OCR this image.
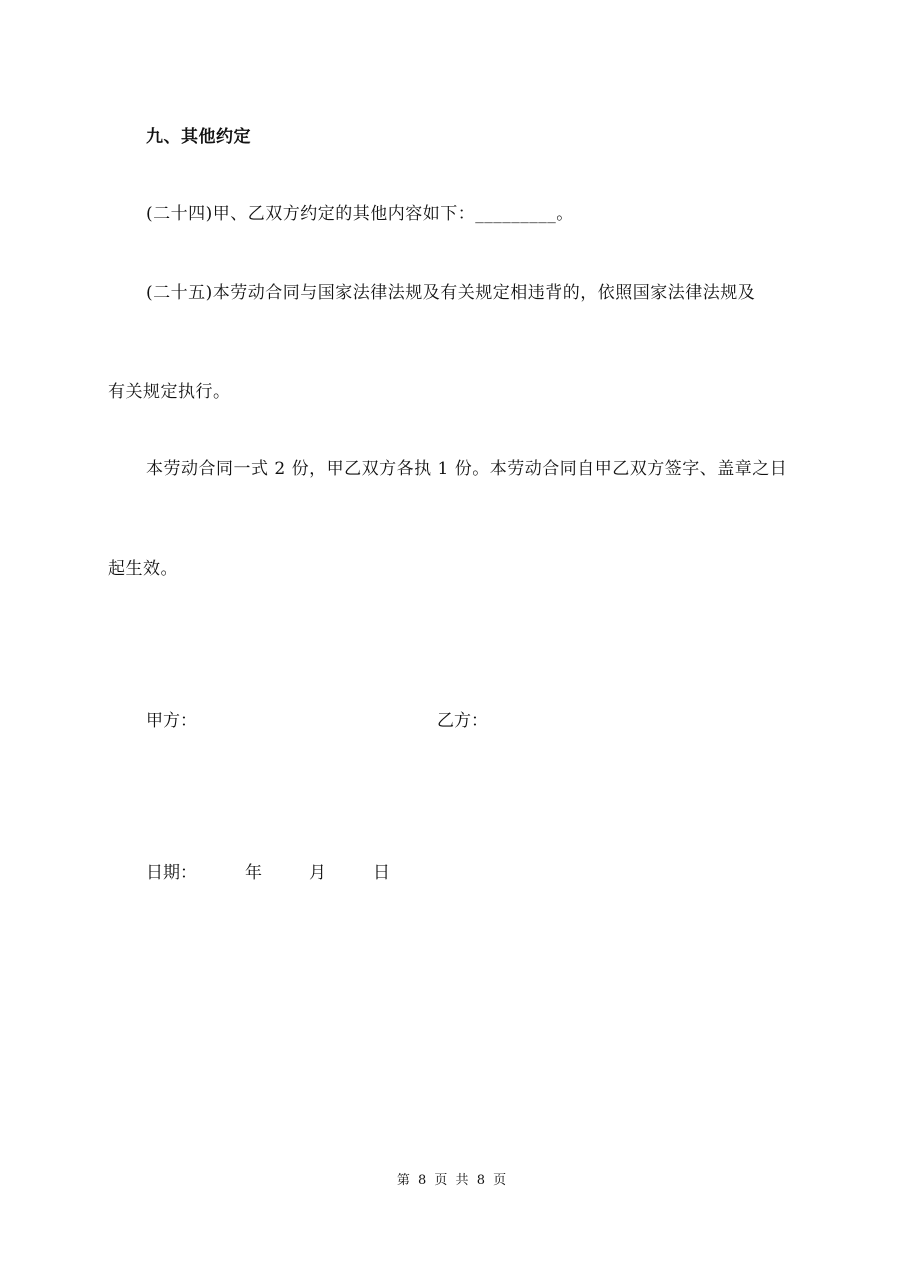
九、其他约定
(二十四)甲、乙双方约定的其他内容如下：_________。
(二十五)本劳动合同与国家法律法规及有关规定相违背的，依照国家法律法规及
有关规定执行。
本劳动合同一式 2 份，甲乙双方各执 1 份。本劳动合同自甲乙双方签字、盖章之日
起生效。
甲方：	乙方：
日期：	年	月	日
第 8 页 共 8 页
